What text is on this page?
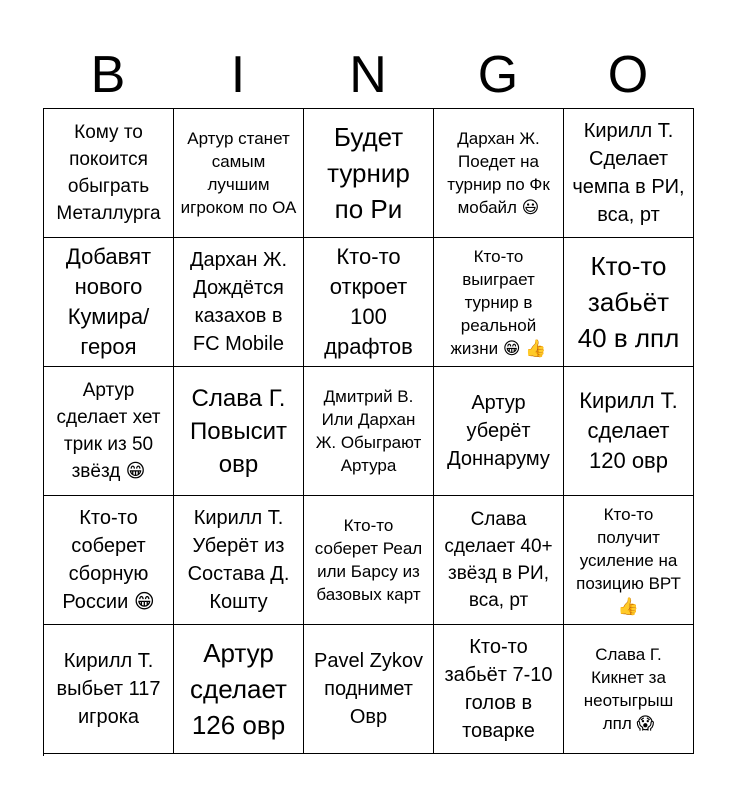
B	I	N	G	O
Кому то покоится обыграть Металлурга
Артур станет самым лучшим игроком по ОА
Будет турнир по Ри
Дархан Ж. Поедет на турнир по Фк мобайл 😃
Кирилл Т. Сделает чемпа в РИ, вса, рт
Добавят нового Кумира/героя
Дархан Ж. Дождётся казахов в FC Mobile
Кто-то откроет 100 драфтов
Кто-то выиграет турнир в реальной жизни 😁 👍
Кто-то забьёт 40 в лпл
Артур сделает хет трик из 50 звёзд 😁
Слава Г. Повысит овр
Дмитрий В. Или Дархан Ж. Обыграют Артура
Артур уберёт Доннаруму
Кирилл Т. сделает 120 овр
Кто-то соберет сборную России 😁
Кирилл Т. Уберёт из Состава Д. Кошту
Кто-то соберет Реал или Барсу из базовых карт
Слава сделает 40+ звёзд в РИ, вса, рт
Кто-то получит усиление на позицию ВРТ👍
Кирилл Т. выбьет 117 игрока
Артур сделает 126 овр
Pavel Zykov поднимет Овр
Кто-то забьёт 7-10 голов в товарке
Слава Г. Кикнет за неотыгрыш лпл 😱
